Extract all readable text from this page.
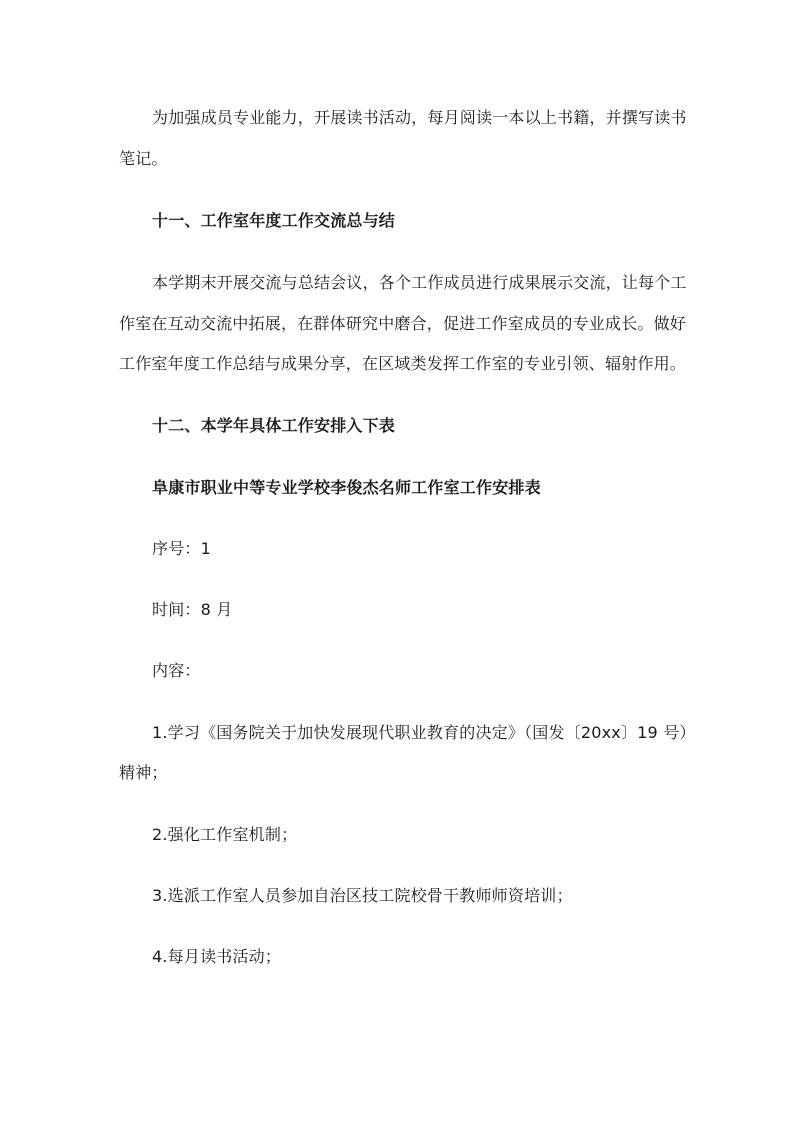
为加强成员专业能力，开展读书活动，每月阅读一本以上书籍，并撰写读书
笔记。
十一、工作室年度工作交流总与结
本学期末开展交流与总结会议，各个工作成员进行成果展示交流，让每个工
作室在互动交流中拓展，在群体研究中磨合，促进工作室成员的专业成长。做好
工作室年度工作总结与成果分享，在区域类发挥工作室的专业引领、辐射作用。
十二、本学年具体工作安排入下表
阜康市职业中等专业学校李俊杰名师工作室工作安排表
序号：1
时间：8 月
内容：
1.学习《国务院关于加快发展现代职业教育的决定》（国发〔20xx〕19 号）
精神；
2.强化工作室机制；
3.选派工作室人员参加自治区技工院校骨干教师师资培训；
4.每月读书活动；
